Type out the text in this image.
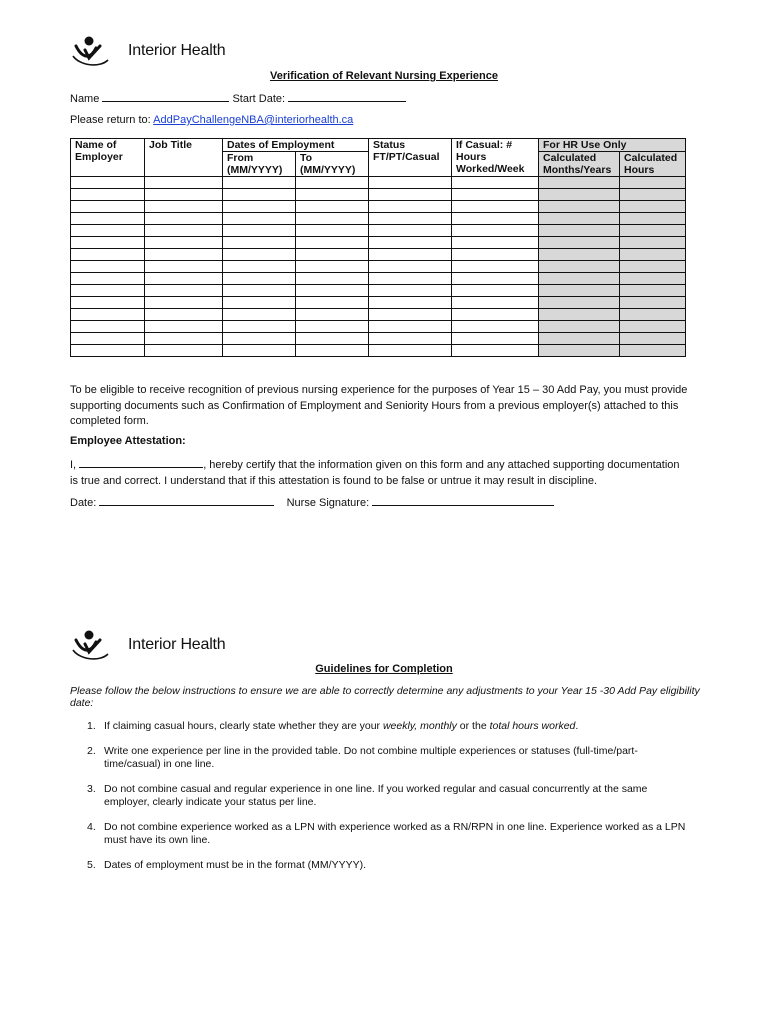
Interior Health
Verification of Relevant Nursing Experience
Name	Start Date:
Please return to: AddPayChallengeNBA@interiorhealth.ca
Name of Employer	Job Title	Dates of Employment		Status FT/PT/Casual	If Casual: # Hours Worked/Week	For HR Use Only	
		From (MM/YYYY)	To (MM/YYYY)			Calculated Months/Years	Calculated Hours

To be eligible to receive recognition of previous nursing experience for the purposes of Year 15 – 30 Add Pay, you must provide supporting documents such as Confirmation of Employment and Seniority Hours from a previous employer(s) attached to this completed form.
Employee Attestation:
I,	, hereby certify that the information given on this form and any attached supporting documentation is true and correct. I understand that if this attestation is found to be false or untrue it may result in discipline.
Date:	Nurse Signature:
Interior Health
Guidelines for Completion
Please follow the below instructions to ensure we are able to correctly determine any adjustments to your Year 15 -30 Add Pay eligibility date:
1. If claiming casual hours, clearly state whether they are your weekly, monthly or the total hours worked.
2. Write one experience per line in the provided table. Do not combine multiple experiences or statuses (full-time/part-time/casual) in one line.
3. Do not combine casual and regular experience in one line. If you worked regular and casual concurrently at the same employer, clearly indicate your status per line.
4. Do not combine experience worked as a LPN with experience worked as a RN/RPN in one line. Experience worked as a LPN must have its own line.
5. Dates of employment must be in the format (MM/YYYY).
